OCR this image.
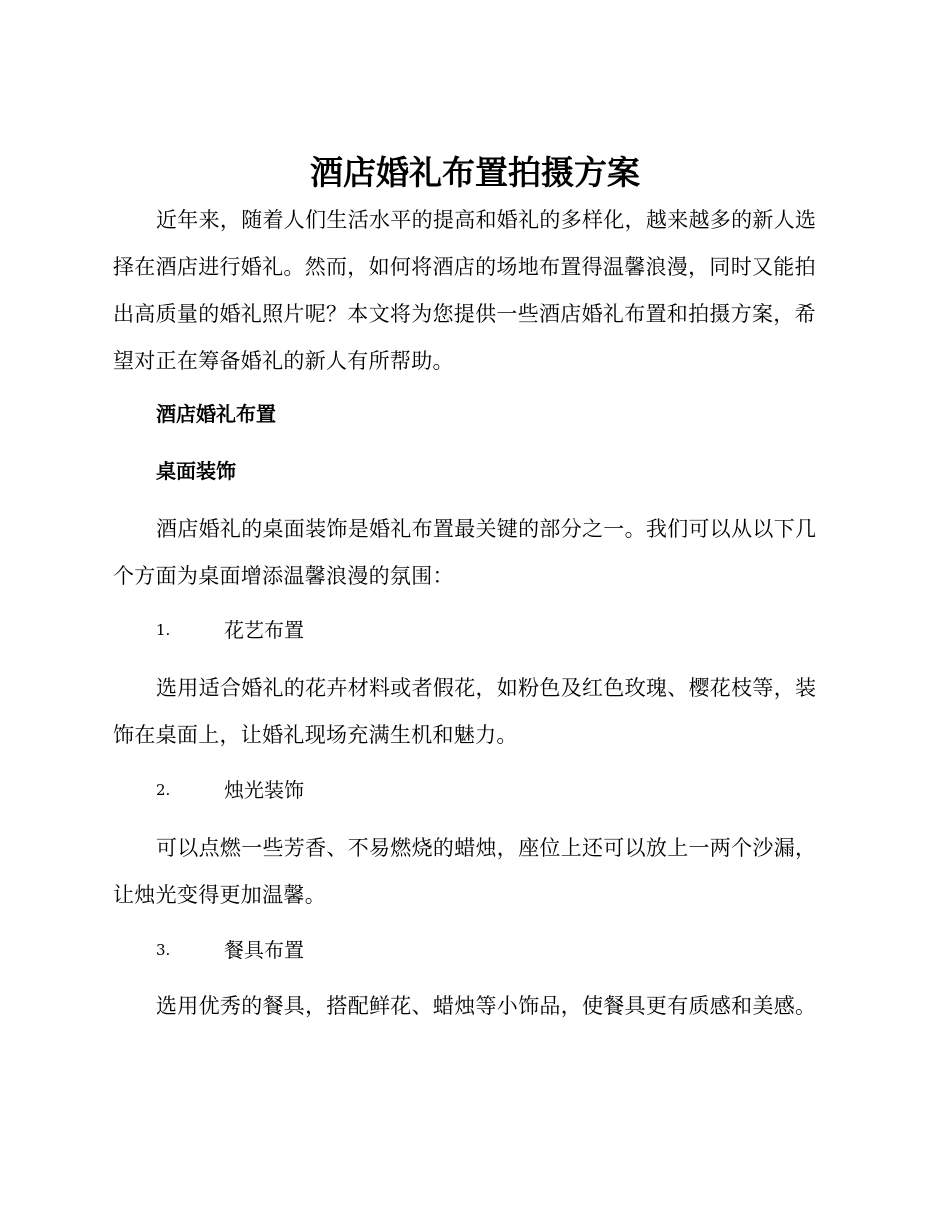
酒店婚礼布置拍摄方案

近年来，随着人们生活水平的提高和婚礼的多样化，越来越多的新人选择在酒店进行婚礼。然而，如何将酒店的场地布置得温馨浪漫，同时又能拍出高质量的婚礼照片呢？本文将为您提供一些酒店婚礼布置和拍摄方案，希望对正在筹备婚礼的新人有所帮助。

酒店婚礼布置
桌面装饰

酒店婚礼的桌面装饰是婚礼布置最关键的部分之一。我们可以从以下几个方面为桌面增添温馨浪漫的氛围：

1.	花艺布置

选用适合婚礼的花卉材料或者假花，如粉色及红色玫瑰、樱花枝等，装饰在桌面上，让婚礼现场充满生机和魅力。

2.	烛光装饰

可以点燃一些芳香、不易燃烧的蜡烛，座位上还可以放上一两个沙漏，让烛光变得更加温馨。

3.	餐具布置

选用优秀的餐具，搭配鲜花、蜡烛等小饰品，使餐具更有质感和美感。
